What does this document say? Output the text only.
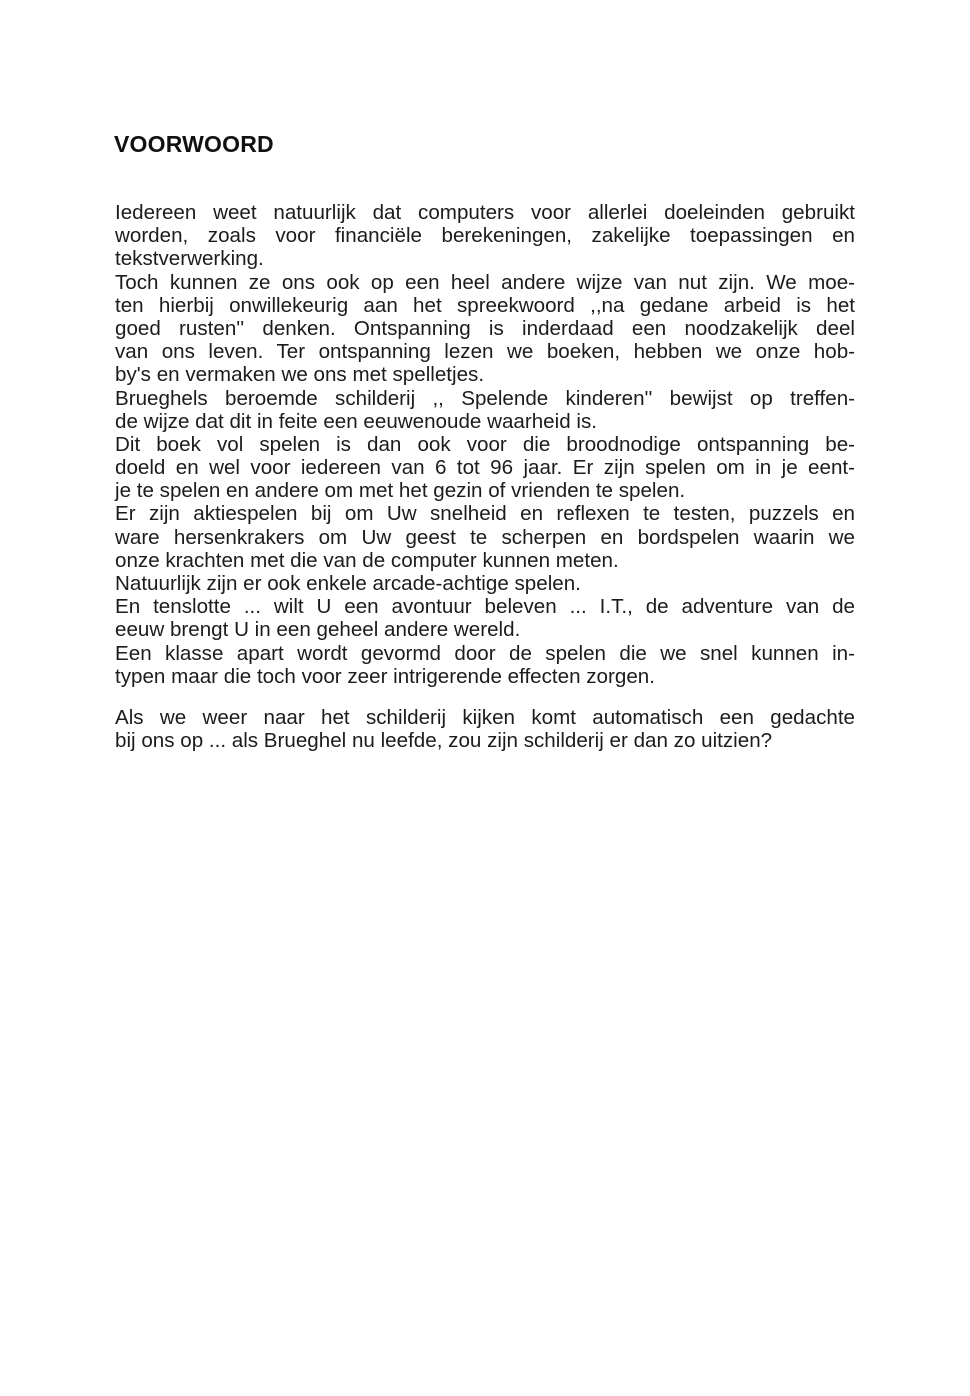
VOORWOORD
Iedereen weet natuurlijk dat computers voor allerlei doeleinden gebruikt
worden, zoals voor financiële berekeningen, zakelijke toepassingen en
tekstverwerking.
Toch kunnen ze ons ook op een heel andere wijze van nut zijn. We moe-
ten hierbij onwillekeurig aan het spreekwoord ,,na gedane arbeid is het
goed rusten'' denken. Ontspanning is inderdaad een noodzakelijk deel
van ons leven. Ter ontspanning lezen we boeken, hebben we onze hob-
by's en vermaken we ons met spelletjes.
Brueghels beroemde schilderij ,, Spelende kinderen'' bewijst op treffen-
de wijze dat dit in feite een eeuwenoude waarheid is.
Dit boek vol spelen is dan ook voor die broodnodige ontspanning be-
doeld en wel voor iedereen van 6 tot 96 jaar. Er zijn spelen om in je eent-
je te spelen en andere om met het gezin of vrienden te spelen.
Er zijn aktiespelen bij om Uw snelheid en reflexen te testen, puzzels en
ware hersenkrakers om Uw geest te scherpen en bordspelen waarin we
onze krachten met die van de computer kunnen meten.
Natuurlijk zijn er ook enkele arcade-achtige spelen.
En tenslotte ... wilt U een avontuur beleven ... I.T., de adventure van de
eeuw brengt U in een geheel andere wereld.
Een klasse apart wordt gevormd door de spelen die we snel kunnen in-
typen maar die toch voor zeer intrigerende effecten zorgen.
Als we weer naar het schilderij kijken komt automatisch een gedachte
bij ons op ... als Brueghel nu leefde, zou zijn schilderij er dan zo uitzien?
